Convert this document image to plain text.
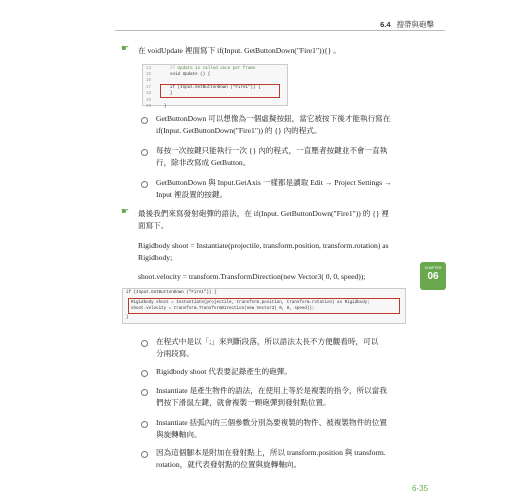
6.4 搜帶與砲擊
☛ 在 voidUpdate 裡面寫下 if(Input. GetButtonDown("Fire1")){} 。
14	// Update is called once per frame
15	void Update () {
16
17	if (Input.GetButtonDown ("Fire1")) {
18	}
19
20	}
GetButtonDown 可以想像為一個虛擬按鈕，當它被按下後才能執行寫在
if(Input. GetButtonDown("Fire1")) 的 {} 內的程式。
每按一次按鍵只能執行一次 {} 內的程式，一直壓者按鍵並不會一直執
行，除非改寫成 GetButton。
GetButtonDown 與 Input.GetAxis 一樣都是讀取 Edit → Project Settings →
Input 裡設置的按鍵。
☛ 最後我們來寫發射砲彈的語法，在 if(Input. GetButtonDown("Fire1")) 的 {} 裡
面寫下。
Rigidbody shoot = Instantiate(projectile, transform.position, transform.rotation) as
Rigidbody;
shoot.velocity = transform.TransformDirection(new Vector3( 0, 0, speed));
if (Input.GetButtonDown ("Fire1")) {
Rigidbody shoot = Instantiate(projectile, transform.position, transform.rotation) as Rigidbody;
shoot.velocity = transform.TransformDirection(new Vector3( 0, 0, speed));
}
CHAPTER
06
在程式中是以「;」來判斷段落，所以語法太長不方便觀看時，可以
分兩段寫。
Rigidbody shoot 代表要記錄產生的砲彈。
Instantiate 是產生物件的語法，在使用上等於是複製的指令，所以當我
們按下滑鼠左鍵，就會複製一顆砲彈到發射點位置。
Instantiate 括弧內的三個參數分別為要複製的物件、被複製物件的位置
與旋轉軸向。
因為這個腳本是附加在發射點上，所以 transform.position 與 transform.
rotation，就代表發射點的位置與旋轉軸向。
6-35
